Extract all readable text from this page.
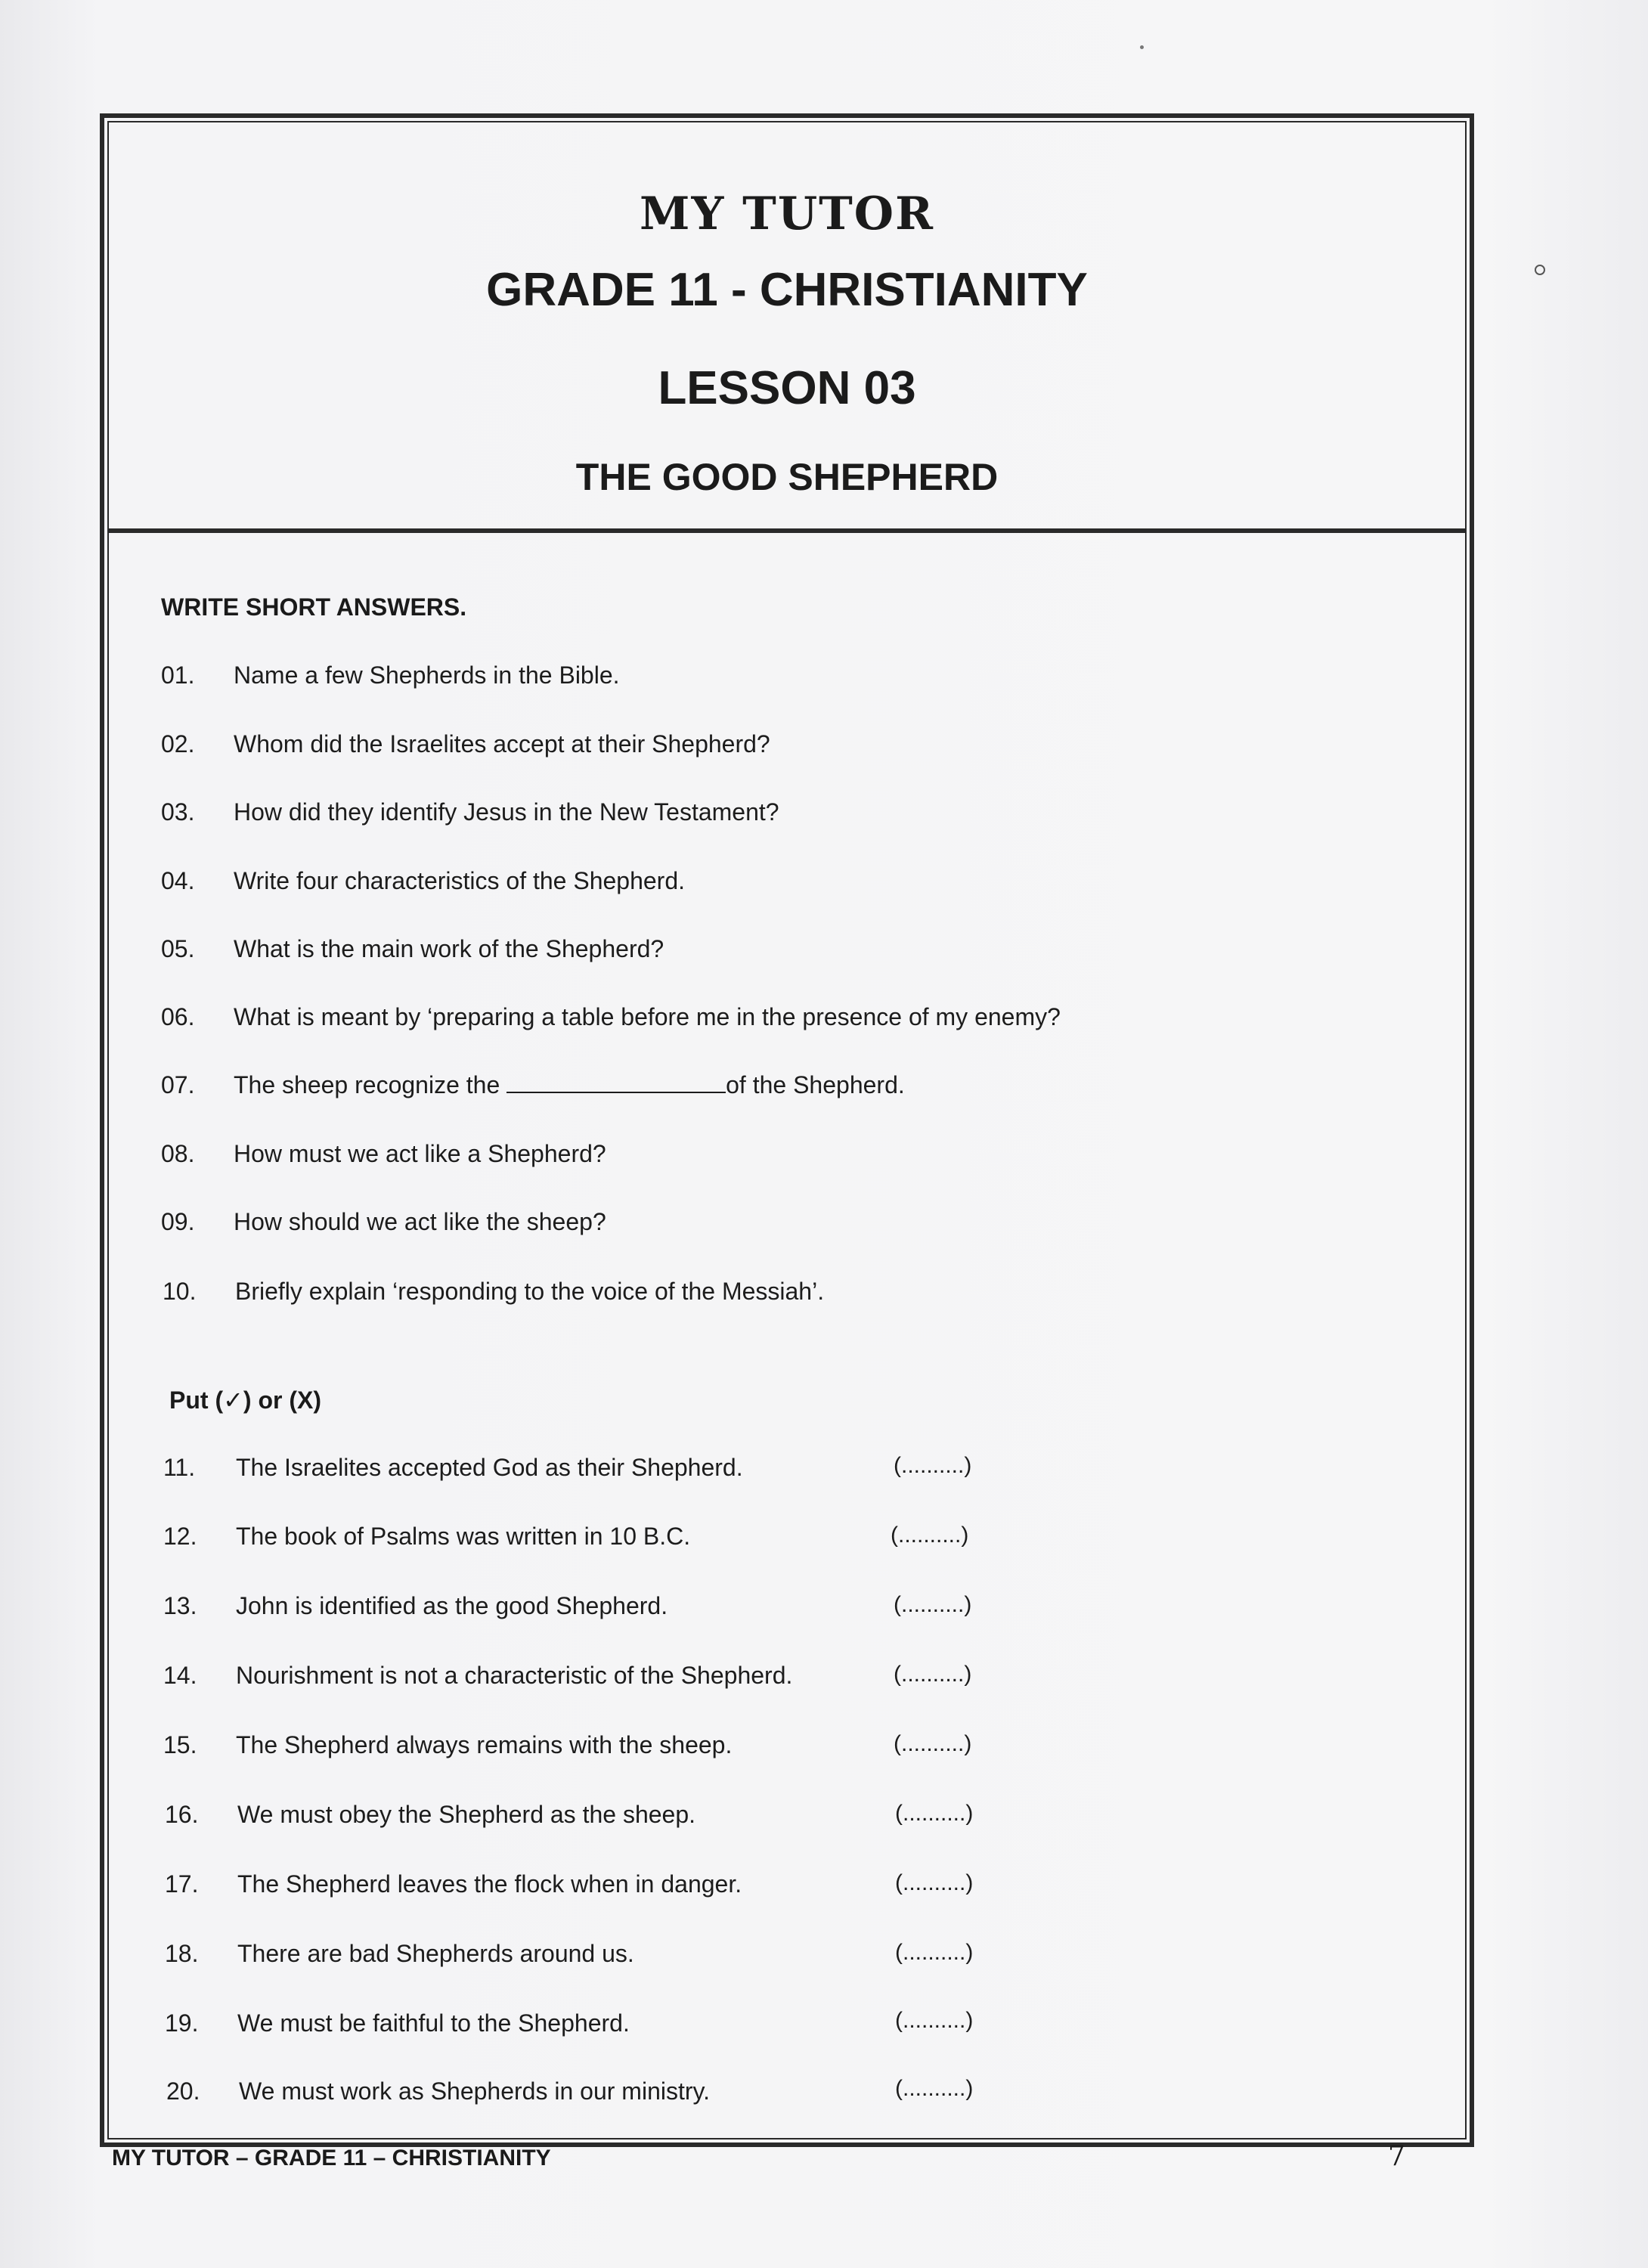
MY TUTOR
GRADE 11 - CHRISTIANITY
LESSON 03
THE GOOD SHEPHERD
WRITE SHORT ANSWERS.
01. Name a few Shepherds in the Bible.
02. Whom did the Israelites accept at their Shepherd?
03. How did they identify Jesus in the New Testament?
04. Write four characteristics of the Shepherd.
05. What is the main work of the Shepherd?
06. What is meant by ‘preparing a table before me in the presence of my enemy?
07. The sheep recognize the	of the Shepherd.
08. How must we act like a Shepherd?
09. How should we act like the sheep?
10. Briefly explain ‘responding to the voice of the Messiah’.
Put (✓) or (X)
11. The Israelites accepted God as their Shepherd.	(..........)
12. The book of Psalms was written in 10 B.C.	(..........)
13. John is identified as the good Shepherd.	(..........)
14. Nourishment is not a characteristic of the Shepherd.	(..........)
15. The Shepherd always remains with the sheep.	(..........)
16. We must obey the Shepherd as the sheep.	(..........)
17. The Shepherd leaves the flock when in danger.	(..........)
18. There are bad Shepherds around us.	(..........)
19. We must be faithful to the Shepherd.	(..........)
20. We must work as Shepherds in our ministry.	(..........)
MY TUTOR – GRADE 11 – CHRISTIANITY	7
